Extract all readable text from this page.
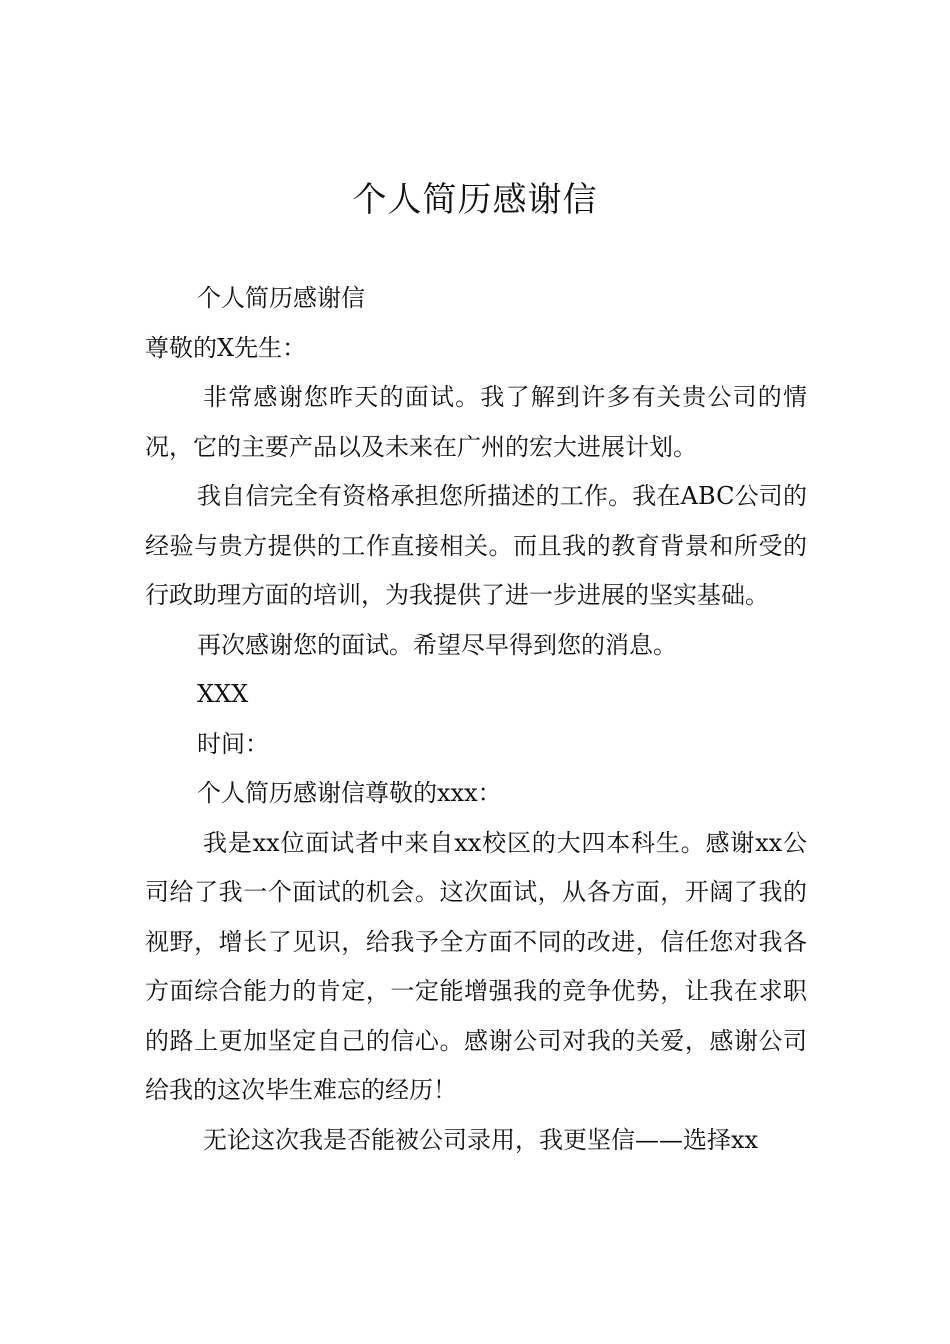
个人简历感谢信

个人简历感谢信

尊敬的X先生：

非常感谢您昨天的面试。我了解到许多有关贵公司的情况，它的主要产品以及未来在广州的宏大进展计划。

我自信完全有资格承担您所描述的工作。我在ABC公司的经验与贵方提供的工作直接相关。而且我的教育背景和所受的行政助理方面的培训，为我提供了进一步进展的坚实基础。

再次感谢您的面试。希望尽早得到您的消息。

XXX

时间：

个人简历感谢信尊敬的xxx：

我是xx位面试者中来自xx校区的大四本科生。感谢xx公司给了我一个面试的机会。这次面试，从各方面，开阔了我的视野，增长了见识，给我予全方面不同的改进，信任您对我各方面综合能力的肯定，一定能增强我的竞争优势，让我在求职的路上更加坚定自己的信心。感谢公司对我的关爱，感谢公司给我的这次毕生难忘的经历！

无论这次我是否能被公司录用，我更坚信——选择xx
